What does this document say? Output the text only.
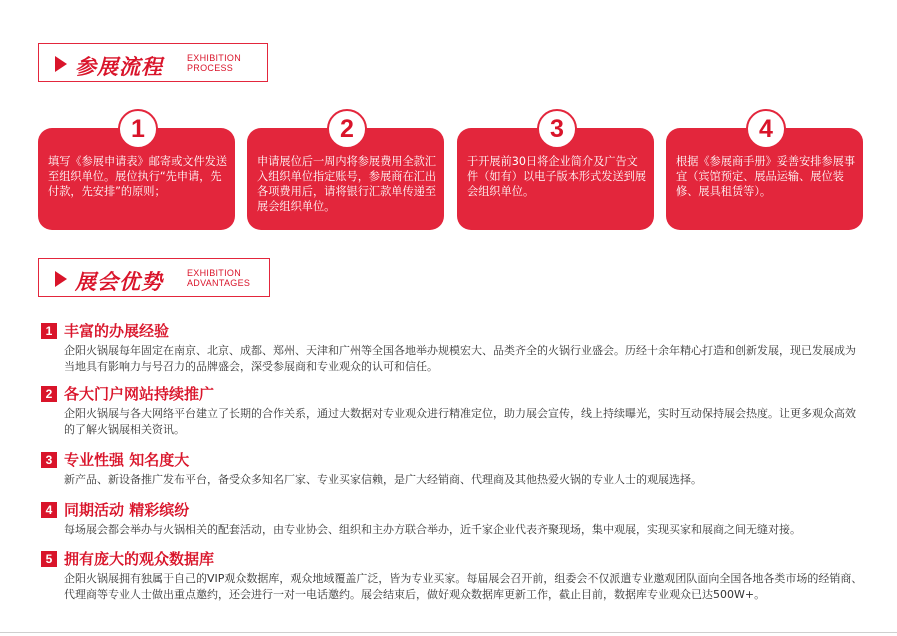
参展流程	EXHIBITION
PROCESS
1
填写《参展申请表》邮寄或文件发送至组织单位。展位执行“先申请，先付款，先安排”的原则；
2
申请展位后一周内将参展费用全款汇入组织单位指定账号，参展商在汇出各项费用后，请将银行汇款单传递至展会组织单位。
3
于开展前30日将企业简介及广告文件（如有）以电子版本形式发送到展会组织单位。
4
根据《参展商手册》妥善安排参展事宜（宾馆预定、展品运输、展位装修、展具租赁等）。
展会优势	EXHIBITION
ADVANTAGES
1 丰富的办展经验
企阳火锅展每年固定在南京、北京、成都、郑州、天津和广州等全国各地举办规模宏大、品类齐全的火锅行业盛会。历经十余年精心打造和创新发展，现已发展成为当地具有影响力与号召力的品牌盛会，深受参展商和专业观众的认可和信任。
2 各大门户网站持续推广
企阳火锅展与各大网络平台建立了长期的合作关系，通过大数据对专业观众进行精准定位，助力展会宣传，线上持续曝光，实时互动保持展会热度。让更多观众高效的了解火锅展相关资讯。
3 专业性强 知名度大
新产品、新设备推广发布平台，备受众多知名厂家、专业买家信赖，是广大经销商、代理商及其他热爱火锅的专业人士的观展选择。
4 同期活动 精彩缤纷
每场展会都会举办与火锅相关的配套活动，由专业协会、组织和主办方联合举办，近千家企业代表齐聚现场，集中观展，实现买家和展商之间无缝对接。
5 拥有庞大的观众数据库
企阳火锅展拥有独属于自己的VIP观众数据库，观众地域覆盖广泛，皆为专业买家。每届展会召开前，组委会不仅派遣专业邀观团队面向全国各地各类市场的经销商、代理商等专业人士做出重点邀约，还会进行一对一电话邀约。展会结束后，做好观众数据库更新工作，截止目前，数据库专业观众已达500W+。
